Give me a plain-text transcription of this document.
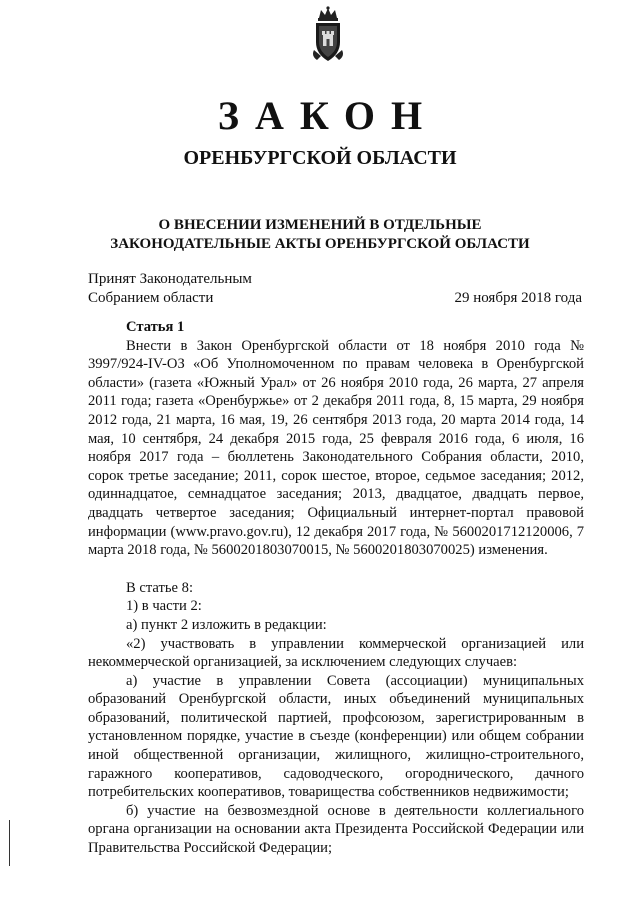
ЗАКОН
ОРЕНБУРГСКОЙ ОБЛАСТИ
О ВНЕСЕНИИ ИЗМЕНЕНИЙ В ОТДЕЛЬНЫЕ
ЗАКОНОДАТЕЛЬНЫЕ АКТЫ ОРЕНБУРГСКОЙ ОБЛАСТИ
Принят Законодательным
Собранием области	29 ноября 2018 года

Статья 1

Внести в Закон Оренбургской области от 18 ноября 2010 года № 3997/924-IV-ОЗ «Об Уполномоченном по правам человека в Оренбургской области» (газета «Южный Урал» от 26 ноября 2010 года, 26 марта, 27 апреля 2011 года; газета «Оренбуржье» от 2 декабря 2011 года, 8, 15 марта, 29 ноября 2012 года, 21 марта, 16 мая, 19, 26 сентября 2013 года, 20 марта 2014 года, 14 мая, 10 сентября, 24 декабря 2015 года, 25 февраля 2016 года, 6 июля, 16 ноября 2017 года – бюллетень Законодательного Собрания области, 2010, сорок третье заседание; 2011, сорок шестое, второе, седьмое заседания; 2012, одиннадцатое, семнадцатое заседания; 2013, двадцатое, двадцать первое, двадцать четвертое заседания; Официальный интернет-портал правовой информации (www.pravo.gov.ru), 12 декабря 2017 года, № 5600201712120006, 7 марта 2018 года, № 5600201803070015, № 5600201803070025) изменения.

В статье 8:

1) в части 2:

а) пункт 2 изложить в редакции:

«2) участвовать в управлении коммерческой организацией или некоммерческой организацией, за исключением следующих случаев:

а) участие в управлении Совета (ассоциации) муниципальных образований Оренбургской области, иных объединений муниципальных образований, политической партией, профсоюзом, зарегистрированным в установленном порядке, участие в съезде (конференции) или общем собрании иной общественной организации, жилищного, жилищно-строительного, гаражного кооперативов, садоводческого, огороднического, дачного потребительских кооперативов, товарищества собственников недвижимости;

б) участие на безвозмездной основе в деятельности коллегиального органа организации на основании акта Президента Российской Федерации или Правительства Российской Федерации;
